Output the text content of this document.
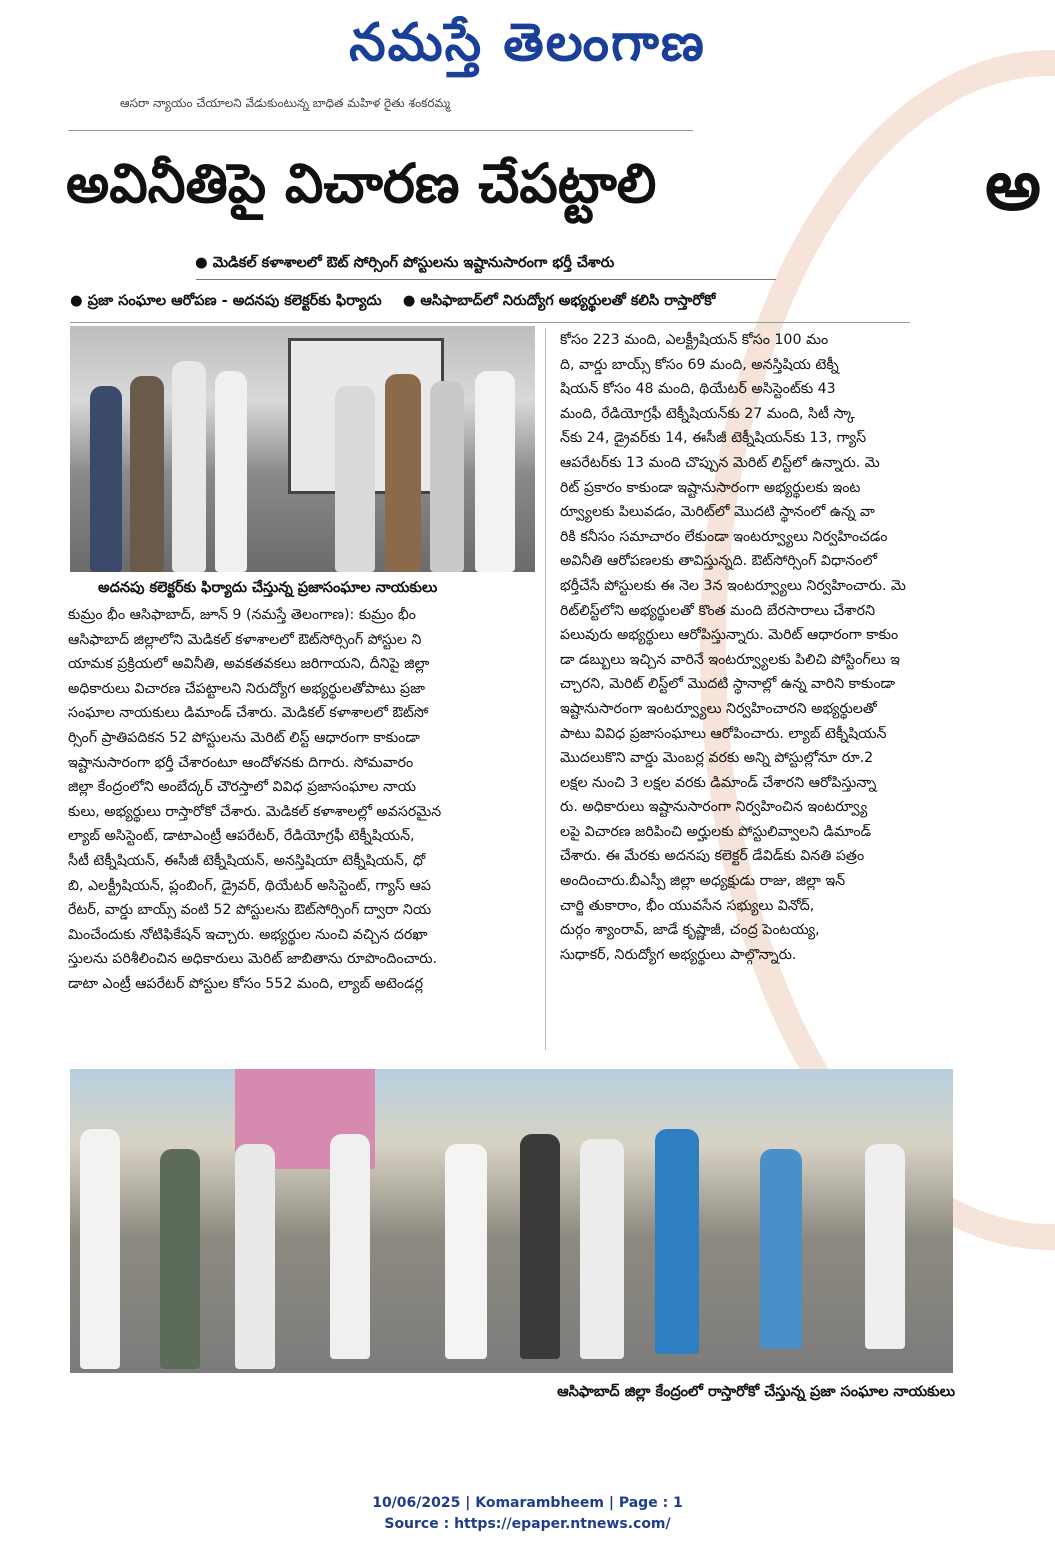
నమస్తే తెలంగాణ
ఆసరా న్యాయం చేయాలని వేడుకుంటున్న బాధిత మహిళ రైతు శంకరమ్మ
అవినీతిపై విచారణ చేపట్టాలి	అ
● మెడికల్ కళాశాలలో ఔట్ సోర్సింగ్ పోస్టులను ఇష్టానుసారంగా భర్తీ చేశారు
● ప్రజా సంఘాల ఆరోపణ - అదనపు కలెక్టర్‌కు ఫిర్యాదు ● ఆసిఫాబాద్‌లో నిరుద్యోగ అభ్యర్థులతో కలిసి రాస్తారోకో
అదనపు కలెక్టర్‌కు ఫిర్యాదు చేస్తున్న ప్రజాసంఘాల నాయకులు
కుమ్రం భీం ఆసిఫాబాద్, జూన్ 9 (నమస్తే తెలంగాణ): కుమ్రం భీం
ఆసిఫాబాద్ జిల్లాలోని మెడికల్ కళాశాలలో ఔట్‌సోర్సింగ్ పోస్టుల ని
యామక ప్రక్రియలో అవినీతి, అవకతవకలు జరిగాయని, దీనిపై జిల్లా
అధికారులు విచారణ చేపట్టాలని నిరుద్యోగ అభ్యర్థులతోపాటు ప్రజా
సంఘాల నాయకులు డిమాండ్ చేశారు. మెడికల్ కళాశాలలో ఔట్‌సో
ర్సింగ్ ప్రాతిపదికన 52 పోస్టులను మెరిట్ లిస్ట్ ఆధారంగా కాకుండా
ఇష్టానుసారంగా భర్తీ చేశారంటూ ఆందోళనకు దిగారు. సోమవారం
జిల్లా కేంద్రంలోని అంబేద్కర్ చౌరస్తాలో వివిధ ప్రజాసంఘాల నాయ
కులు, అభ్యర్థులు రాస్తారోకో చేశారు. మెడికల్ కళాశాలల్లో అవసరమైన
ల్యాబ్ అసిస్టెంట్, డాటాఎంట్రీ ఆపరేటర్, రేడియోగ్రఫీ టెక్నీషియన్,
సీటీ టెక్నీషియన్, ఈసీజీ టెక్నీషియన్, అనస్తిషియా టెక్నీషియన్, ధో
బి, ఎలక్ట్రీషియన్, ప్లంబింగ్, డ్రైవర్, థియేటర్ అసిస్టెంట్, గ్యాస్ ఆప
రేటర్, వార్డు బాయ్స్ వంటి 52 పోస్టులను ఔట్‌సోర్సింగ్ ద్వారా నియ
మించేందుకు నోటిఫికేషన్ ఇచ్చారు. అభ్యర్థుల నుంచి వచ్చిన దరఖా
స్తులను పరిశీలించిన అధికారులు మెరిట్ జాబితాను రూపొందించారు.
డాటా ఎంట్రీ ఆపరేటర్ పోస్టుల కోసం 552 మంది, ల్యాబ్ అటెండర్ల
కోసం 223 మంది, ఎలక్ట్రీషియన్ కోసం 100 మం
ది, వార్డు బాయ్స్ కోసం 69 మంది, అనస్తిషియ టెక్నీ
షియన్ కోసం 48 మంది, థియేటర్ అసిస్టెంట్‌కు 43
మంది, రేడియోగ్రఫీ టెక్నీషియన్‌కు 27 మంది, సిటీ స్కా
న్‌కు 24, డ్రైవర్‌కు 14, ఈసీజీ టెక్నీషియన్‌కు 13, గ్యాస్
ఆపరేటర్‌కు 13 మంది చొప్పున మెరిట్ లిస్ట్‌లో ఉన్నారు. మె
రిట్ ప్రకారం కాకుండా ఇష్టానుసారంగా అభ్యర్థులకు ఇంట
ర్వ్యూలకు పిలువడం, మెరిట్‌లో మొదటి స్థానంలో ఉన్న వా
రికి కనీసం సమాచారం లేకుండా ఇంటర్వ్యూలు నిర్వహించడం
అవినీతి ఆరోపణలకు తావిస్తున్నది. ఔట్‌సోర్సింగ్ విధానంలో
భర్తీచేసే పోస్టులకు ఈ నెల 3న ఇంటర్వ్యూలు నిర్వహించారు. మె
రిట్‌లిస్ట్‌లోని అభ్యర్థులతో కొంత మంది బేరసారాలు చేశారని
పలువురు అభ్యర్థులు ఆరోపిస్తున్నారు. మెరిట్ ఆధారంగా కాకుం
డా డబ్బులు ఇచ్చిన వారినే ఇంటర్వ్యూలకు పిలిచి పోస్టింగ్‌లు ఇ
చ్చారని, మెరిట్ లిస్ట్‌లో మొదటి స్థానాల్లో ఉన్న వారిని కాకుండా
ఇష్టానుసారంగా ఇంటర్వ్యూలు నిర్వహించారని అభ్యర్థులతో
పాటు వివిధ ప్రజాసంఘాలు ఆరోపించారు. ల్యాబ్ టెక్నీషియన్
మొదలుకొని వార్డు మెంబర్ల వరకు అన్ని పోస్టుల్లోనూ రూ.2
లక్షల నుంచి 3 లక్షల వరకు డిమాండ్ చేశారని ఆరోపిస్తున్నా
రు. అధికారులు ఇష్టానుసారంగా నిర్వహించిన ఇంటర్వ్యూ
లపై విచారణ జరిపించి అర్హులకు పోస్టులివ్వాలని డిమాండ్
చేశారు. ఈ మేరకు అదనపు కలెక్టర్ డేవిడ్‌కు వినతి పత్రం
అందించారు.బీఎస్పీ జిల్లా అధ్యక్షుడు రాజు, జిల్లా ఇన్
చార్జి తుకారాం, భీం యువసేన సభ్యులు వినోద్,
దుర్గం శ్యాంరావ్, జాడే కృష్ణాజీ, చంద్ర పెంటయ్య,
సుధాకర్, నిరుద్యోగ అభ్యర్థులు పాల్గొన్నారు.
ఆసిఫాబాద్ జిల్లా కేంద్రంలో రాస్తారోకో చేస్తున్న ప్రజా సంఘాల నాయకులు
10/06/2025 | Komarambheem | Page : 1
Source : https://epaper.ntnews.com/
